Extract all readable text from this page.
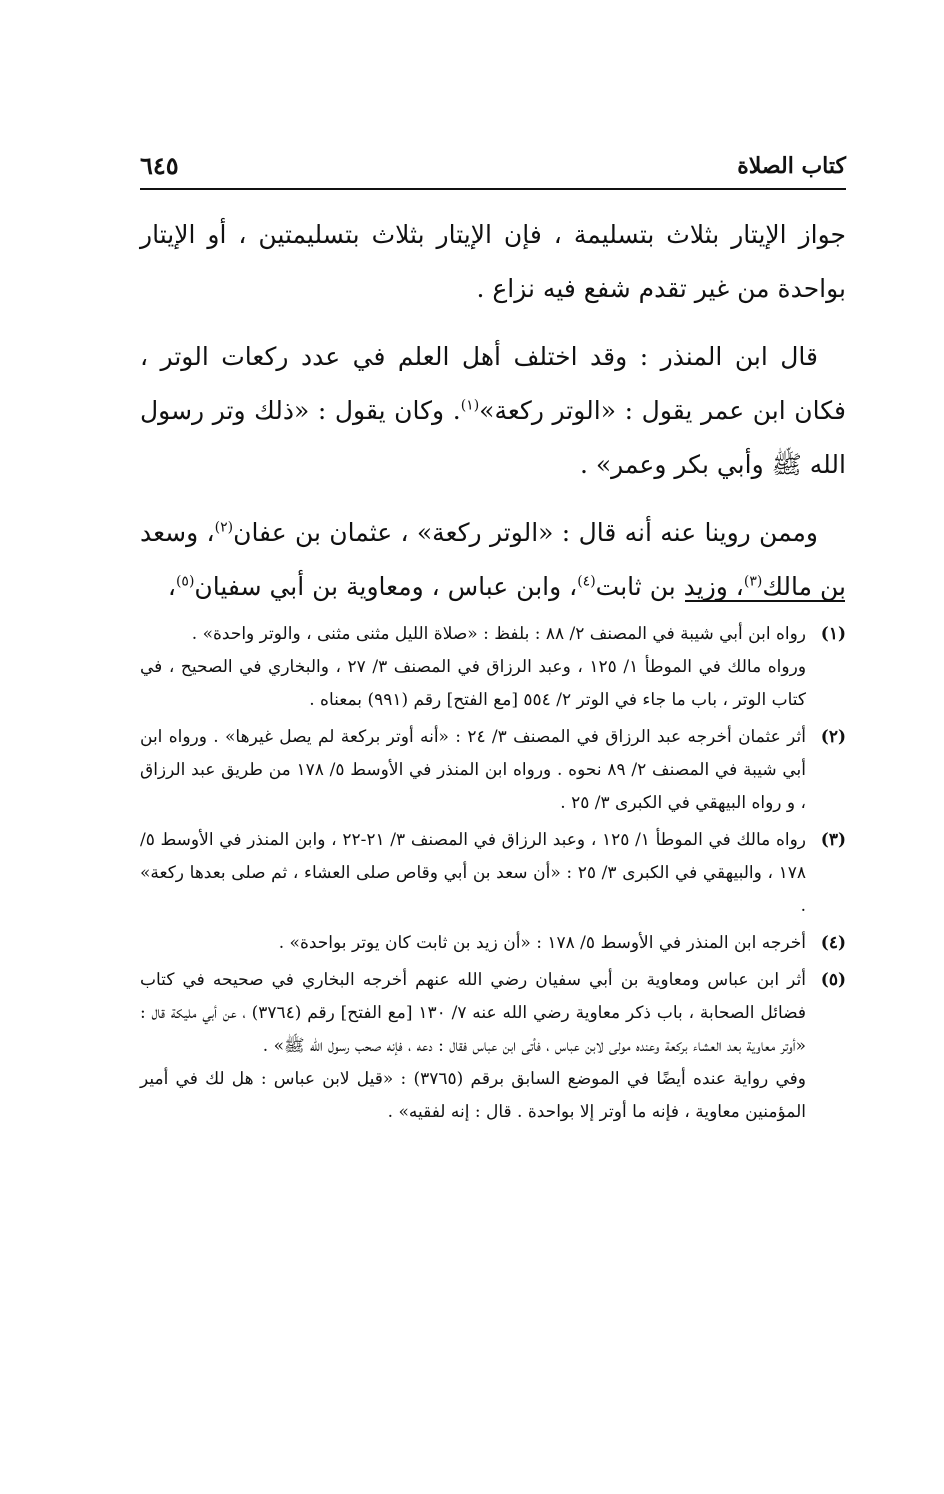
كتاب الصلاة
٦٤٥

جواز الإيتار بثلاث بتسليمة ، فإن الإيتار بثلاث بتسليمتين ، أو الإيتار بواحدة من غير تقدم شفع فيه نزاع .

قال ابن المنذر : وقد اختلف أهل العلم في عدد ركعات الوتر ، فكان ابن عمر يقول : «الوتر ركعة»$^{(١)}$. وكان يقول : «ذلك وتر رسول الله ﷺ وأبي بكر وعمر» .

وممن روينا عنه أنه قال : «الوتر ركعة» ، عثمان بن عفان$^{(٢)}$، وسعد بن مالك$^{(٣)}$، وزيد بن ثابت$^{(٤)}$، وابن عباس ، ومعاوية بن أبي سفيان$^{(٥)}$،

(١)
رواه ابن أبي شيبة في المصنف ٢/ ٨٨ : بلفظ : «صلاة الليل مثنى مثنى ، والوتر واحدة» .
ورواه مالك في الموطأ ١/ ١٢٥ ، وعبد الرزاق في المصنف ٣/ ٢٧ ، والبخاري في الصحيح ، في كتاب الوتر ، باب ما جاء في الوتر ٢/ ٥٥٤ [مع الفتح] رقم (٩٩١) بمعناه .
(٢)
أثر عثمان أخرجه عبد الرزاق في المصنف ٣/ ٢٤ : «أنه أوتر بركعة لم يصل غيرها» . ورواه ابن أبي شيبة في المصنف ٢/ ٨٩ نحوه . ورواه ابن المنذر في الأوسط ٥/ ١٧٨ من طريق عبد الرزاق ، و رواه البيهقي في الكبرى ٣/ ٢٥ .
(٣)
رواه مالك في الموطأ ١/ ١٢٥ ، وعبد الرزاق في المصنف ٣/ ٢١-٢٢ ، وابن المنذر في الأوسط ٥/ ١٧٨ ، والبيهقي في الكبرى ٣/ ٢٥ : «أن سعد بن أبي وقاص صلى العشاء ، ثم صلى بعدها ركعة» .
(٤)
أخرجه ابن المنذر في الأوسط ٥/ ١٧٨ : «أن زيد بن ثابت كان يوتر بواحدة» .
(٥)
أثر ابن عباس ومعاوية بن أبي سفيان رضي الله عنهم أخرجه البخاري في صحيحه في كتاب فضائل الصحابة ، باب ذكر معاوية رضي الله عنه ٧/ ١٣٠ [مع الفتح] رقم (٣٧٦٤) ، عن أبي مليكة قال : «أوتر معاوية بعد العشاء بركعة وعنده مولى لابن عباس ، فأتى ابن عباس فقال : دعه ، فإنه صحب رسول الله ﷺ» .
وفي رواية عنده أيضًا في الموضع السابق برقم (٣٧٦٥) : «قيل لابن عباس : هل لك في أمير المؤمنين معاوية ، فإنه ما أوتر إلا بواحدة . قال : إنه لفقيه» .
